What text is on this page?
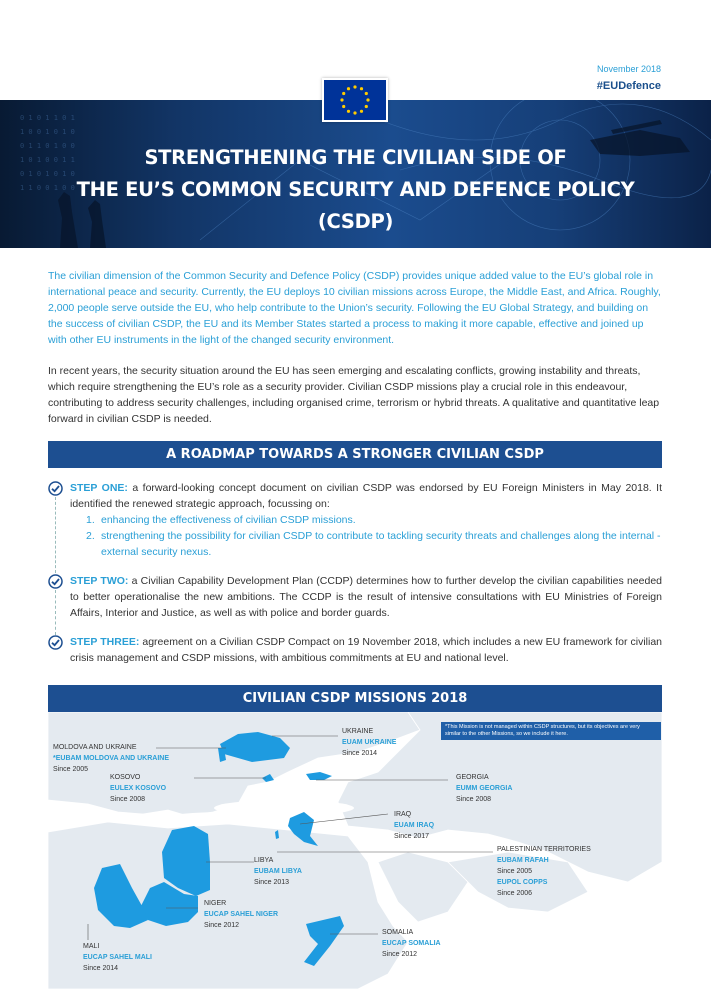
November 2018
#EUDefence
0 1 0 1 1 0 1
1 0 0 1 0 1 0
0 1 1 0 1 0 0
1 0 1 0 0 1 1
0 1 0 1 0 1 0
1 1 0 0 1 0 0
STRENGTHENING THE CIVILIAN SIDE OF
THE EU’S COMMON SECURITY AND DEFENCE POLICY
(CSDP)

The civilian dimension of the Common Security and Defence Policy (CSDP) provides unique added value to the EU’s global role in international peace and security. Currently, the EU deploys 10 civilian missions across Europe, the Middle East, and Africa. Roughly, 2,000 people serve outside the EU, who help contribute to the Union’s security. Following the EU Global Strategy, and building on the success of civilian CSDP, the EU and its Member States started a process to making it more capable, effective and joined up with other EU instruments in the light of the changed security environment.

In recent years, the security situation around the EU has seen emerging and escalating conflicts, growing instability and threats, which require strengthening the EU’s role as a security provider. Civilian CSDP missions play a crucial role in this endeavour, contributing to address security challenges, including organised crime, terrorism or hybrid threats. A qualitative and quantitative leap forward in civilian CSDP is needed.

A ROADMAP TOWARDS A STRONGER CIVILIAN CSDP
STEP ONE: a forward-looking concept document on civilian CSDP was endorsed by EU Foreign Ministers in May 2018. It identified the renewed strategic approach, focussing on:
1. enhancing the effectiveness of civilian CSDP missions.
2. strengthening the possibility for civilian CSDP to contribute to tackling security threats and challenges along the internal - external security nexus.
STEP TWO: a Civilian Capability Development Plan (CCDP) determines how to further develop the civilian capabilities needed to better operationalise the new ambitions. The CCDP is the result of intensive consultations with EU Ministries of Foreign Affairs, Interior and Justice, as well as with police and border guards.
STEP THREE: agreement on a Civilian CSDP Compact on 19 November 2018, which includes a new EU framework for civilian crisis management and CSDP missions, with ambitious commitments at EU and national level.
CIVILIAN CSDP MISSIONS 2018
*This Mission is not managed within CSDP structures, but its objectives are very similar to the other Missions, so we include it here.
MOLDOVA AND UKRAINE
*EUBAM MOLDOVA AND UKRAINE
Since 2005
UKRAINE
EUAM UKRAINE
Since 2014
KOSOVO
EULEX KOSOVO
Since 2008
GEORGIA
EUMM GEORGIA
Since 2008
IRAQ
EUAM IRAQ
Since 2017
PALESTINIAN TERRITORIES
EUBAM RAFAH
Since 2005
EUPOL COPPS
Since 2006
LIBYA
EUBAM LIBYA
Since 2013
NIGER
EUCAP SAHEL NIGER
Since 2012
SOMALIA
EUCAP SOMALIA
Since 2012
MALI
EUCAP SAHEL MALI
Since 2014
